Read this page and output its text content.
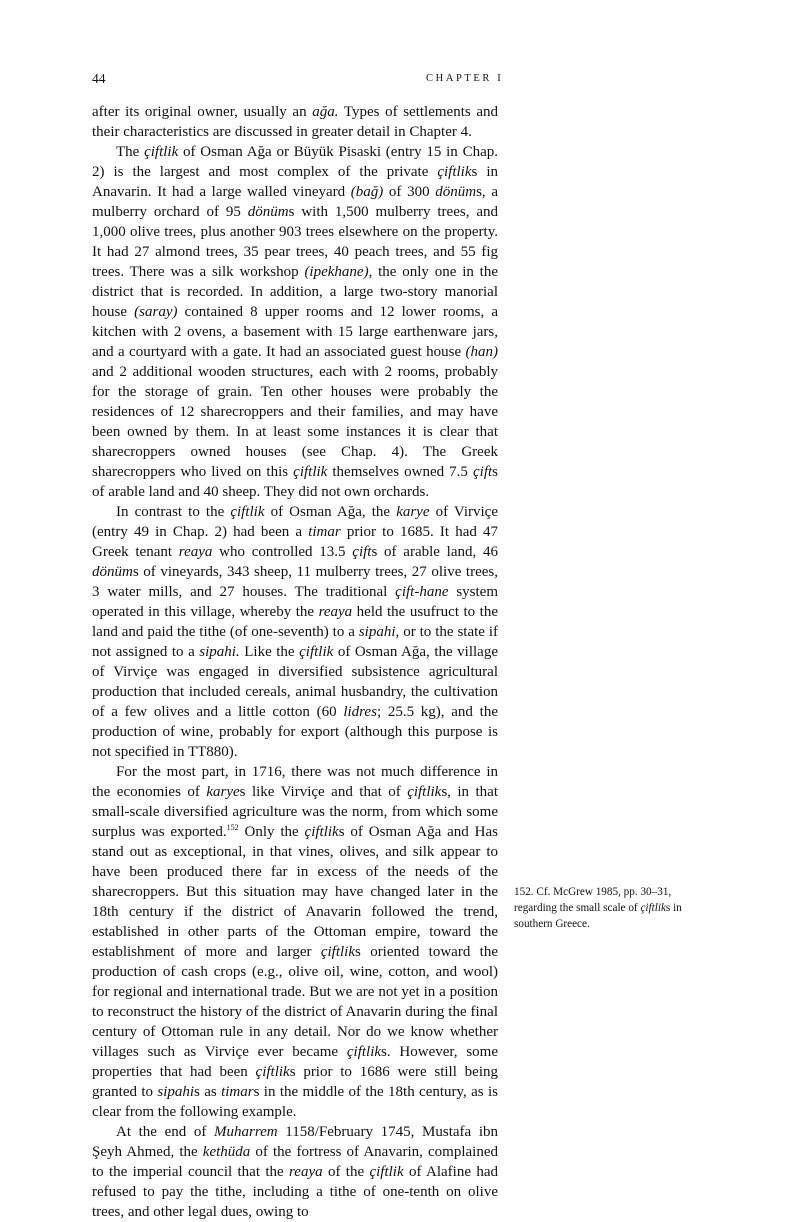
44	CHAPTER I

after its original owner, usually an ağa. Types of settlements and their characteristics are discussed in greater detail in Chapter 4.

The çiftlik of Osman Ağa or Büyük Pisaski (entry 15 in Chap. 2) is the largest and most complex of the private çiftliks in Anavarin. It had a large walled vineyard (bağ) of 300 dönüms, a mulberry orchard of 95 dönüms with 1,500 mulberry trees, and 1,000 olive trees, plus another 903 trees elsewhere on the property. It had 27 almond trees, 35 pear trees, 40 peach trees, and 55 fig trees. There was a silk workshop (ipekhane), the only one in the district that is recorded. In addition, a large two-story manorial house (saray) contained 8 upper rooms and 12 lower rooms, a kitchen with 2 ovens, a basement with 15 large earthenware jars, and a courtyard with a gate. It had an associated guest house (han) and 2 additional wooden structures, each with 2 rooms, probably for the storage of grain. Ten other houses were probably the residences of 12 sharecroppers and their families, and may have been owned by them. In at least some instances it is clear that sharecroppers owned houses (see Chap. 4). The Greek sharecroppers who lived on this çiftlik themselves owned 7.5 çifts of arable land and 40 sheep. They did not own orchards.

In contrast to the çiftlik of Osman Ağa, the karye of Virviçe (entry 49 in Chap. 2) had been a timar prior to 1685. It had 47 Greek tenant reaya who controlled 13.5 çifts of arable land, 46 dönüms of vineyards, 343 sheep, 11 mulberry trees, 27 olive trees, 3 water mills, and 27 houses. The traditional çift-hane system operated in this village, whereby the reaya held the usufruct to the land and paid the tithe (of one-seventh) to a sipahi, or to the state if not assigned to a sipahi. Like the çiftlik of Osman Ağa, the village of Virviçe was engaged in diversified subsistence agricultural production that included cereals, animal husbandry, the cultivation of a few olives and a little cotton (60 lidres; 25.5 kg), and the production of wine, probably for export (although this purpose is not specified in TT880).

For the most part, in 1716, there was not much difference in the economies of karyes like Virviçe and that of çiftliks, in that small-scale diversified agriculture was the norm, from which some surplus was exported.$^{152}$ Only the çiftliks of Osman Ağa and Has stand out as exceptional, in that vines, olives, and silk appear to have been produced there far in excess of the needs of the sharecroppers. But this situation may have changed later in the 18th century if the district of Anavarin followed the trend, established in other parts of the Ottoman empire, toward the establishment of more and larger çiftliks oriented toward the production of cash crops (e.g., olive oil, wine, cotton, and wool) for regional and international trade. But we are not yet in a position to reconstruct the history of the district of Anavarin during the final century of Ottoman rule in any detail. Nor do we know whether villages such as Virviçe ever became çiftliks. However, some properties that had been çiftliks prior to 1686 were still being granted to sipahis as timars in the middle of the 18th century, as is clear from the following example.

At the end of Muharrem 1158/February 1745, Mustafa ibn Şeyh Ahmed, the kethüda of the fortress of Anavarin, complained to the imperial council that the reaya of the çiftlik of Alafine had refused to pay the tithe, including a tithe of one-tenth on olive trees, and other legal dues, owing to

152. Cf. McGrew 1985, pp. 30–31, regarding the small scale of çiftliks in southern Greece.
